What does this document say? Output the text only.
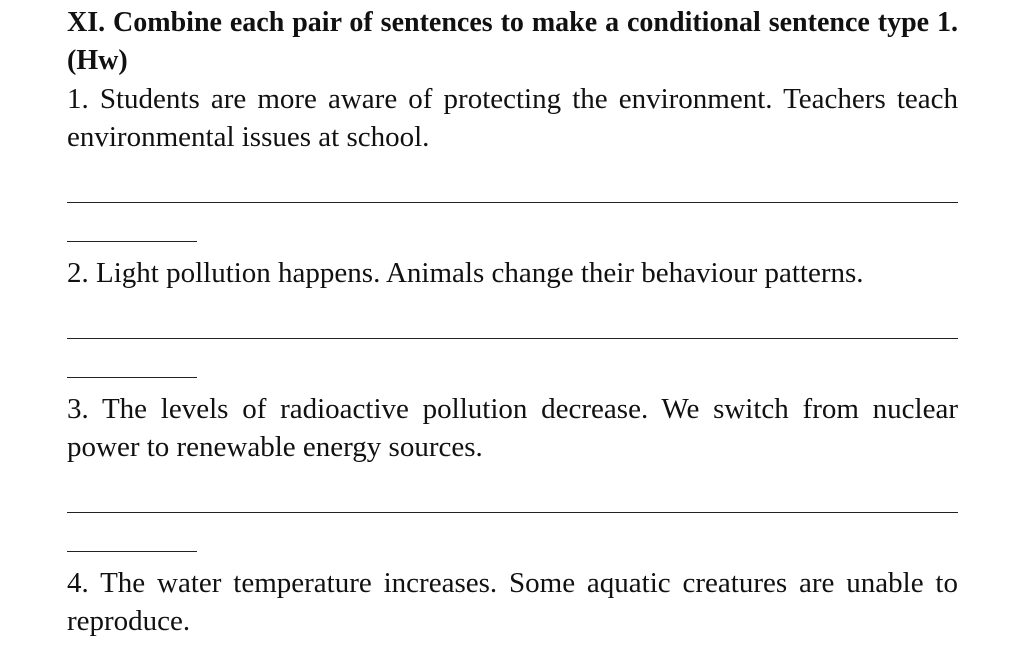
XI. Combine each pair of sentences to make a conditional sentence type 1. (Hw)

1. Students are more aware of protecting the environment. Teachers teach environmental issues at school.

2. Light pollution happens. Animals change their behaviour patterns.

3. The levels of radioactive pollution decrease. We switch from nuclear power to renewable energy sources.

4. The water temperature increases. Some aquatic creatures are unable to reproduce.
